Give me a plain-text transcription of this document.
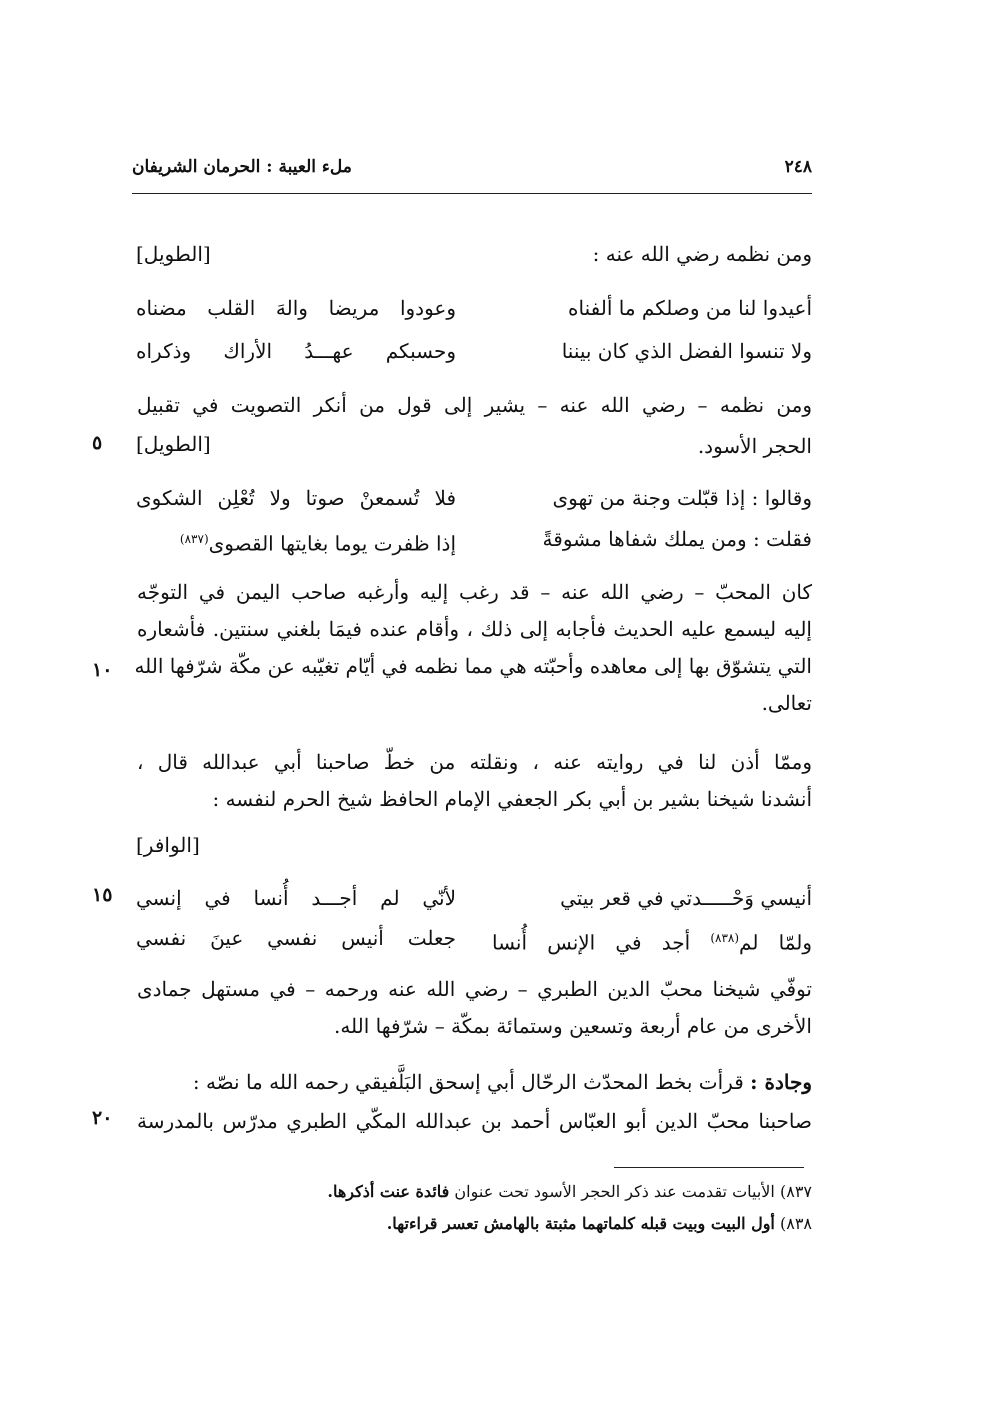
ملء العيبة : الحرمان الشريفان	٢٤٨
ومن نظمه رضي الله عنه :
[الطويل]
أعيدوا لنا من وصلكم ما ألفناه
وعودوا مريضا والهَ القلب مضناه
ولا تنسوا الفضل الذي كان بيننا
وحسبكم عهـــدُ الأراك وذكراه
ومن نظمه – رضي الله عنه – يشير إلى قول من أنكر التصويت في تقبيل
الحجر الأسود.
[الطويل]
٥
وقالوا : إذا قبّلت وجنة من تهوى
فلا تُسمعنْ صوتا ولا تُعْلِن الشكوى
فقلت : ومن يملك شفاها مشوقةً
إذا ظفرت يوما بغايتها القصوى$^{(٨٣٧)}$
كان المحبّ – رضي الله عنه – قد رغب إليه وأرغبه صاحب اليمن في التوجّه
إليه ليسمع عليه الحديث فأجابه إلى ذلك ، وأقام عنده فيمَا بلغني سنتين. فأشعاره
التي يتشوّق بها إلى معاهده وأحبّته هي مما نظمه في أيّام تغيّبه عن مكّة شرّفها الله
تعالى.
١٠
وممّا أذن لنا في روايته عنه ، ونقلته من خطّ صاحبنا أبي عبدالله قال ،
أنشدنا شيخنا بشير بن أبي بكر الجعفي الإمام الحافظ شيخ الحرم لنفسه :
[الوافر]
أنيسي وَحْـــــدتي في قعر بيتي
لأنّي لم أجـــد أُنسا في إنسي
١٥
ولمّا لم$^{(٨٣٨)}$ أجد في الإنس أُنسا
جعلت أنيس نفسي عينَ نفسي
توفّي شيخنا محبّ الدين الطبري – رضي الله عنه ورحمه – في مستهل جمادى
الأخرى من عام أربعة وتسعين وستمائة بمكّة – شرّفها الله.
وجادة : قرأت بخط المحدّث الرحّال أبي إسحق البَلَّفيقي رحمه الله ما نصّه :
صاحبنا محبّ الدين أبو العبّاس أحمد بن عبدالله المكّي الطبري مدرّس بالمدرسة
٢٠
٨٣٧) الأبيات تقدمت عند ذكر الحجر الأسود تحت عنوان فائدة عنت أذكرها.
٨٣٨) أول البيت وبيت قبله كلماتهما مثبتة بالهامش تعسر قراءتها.
